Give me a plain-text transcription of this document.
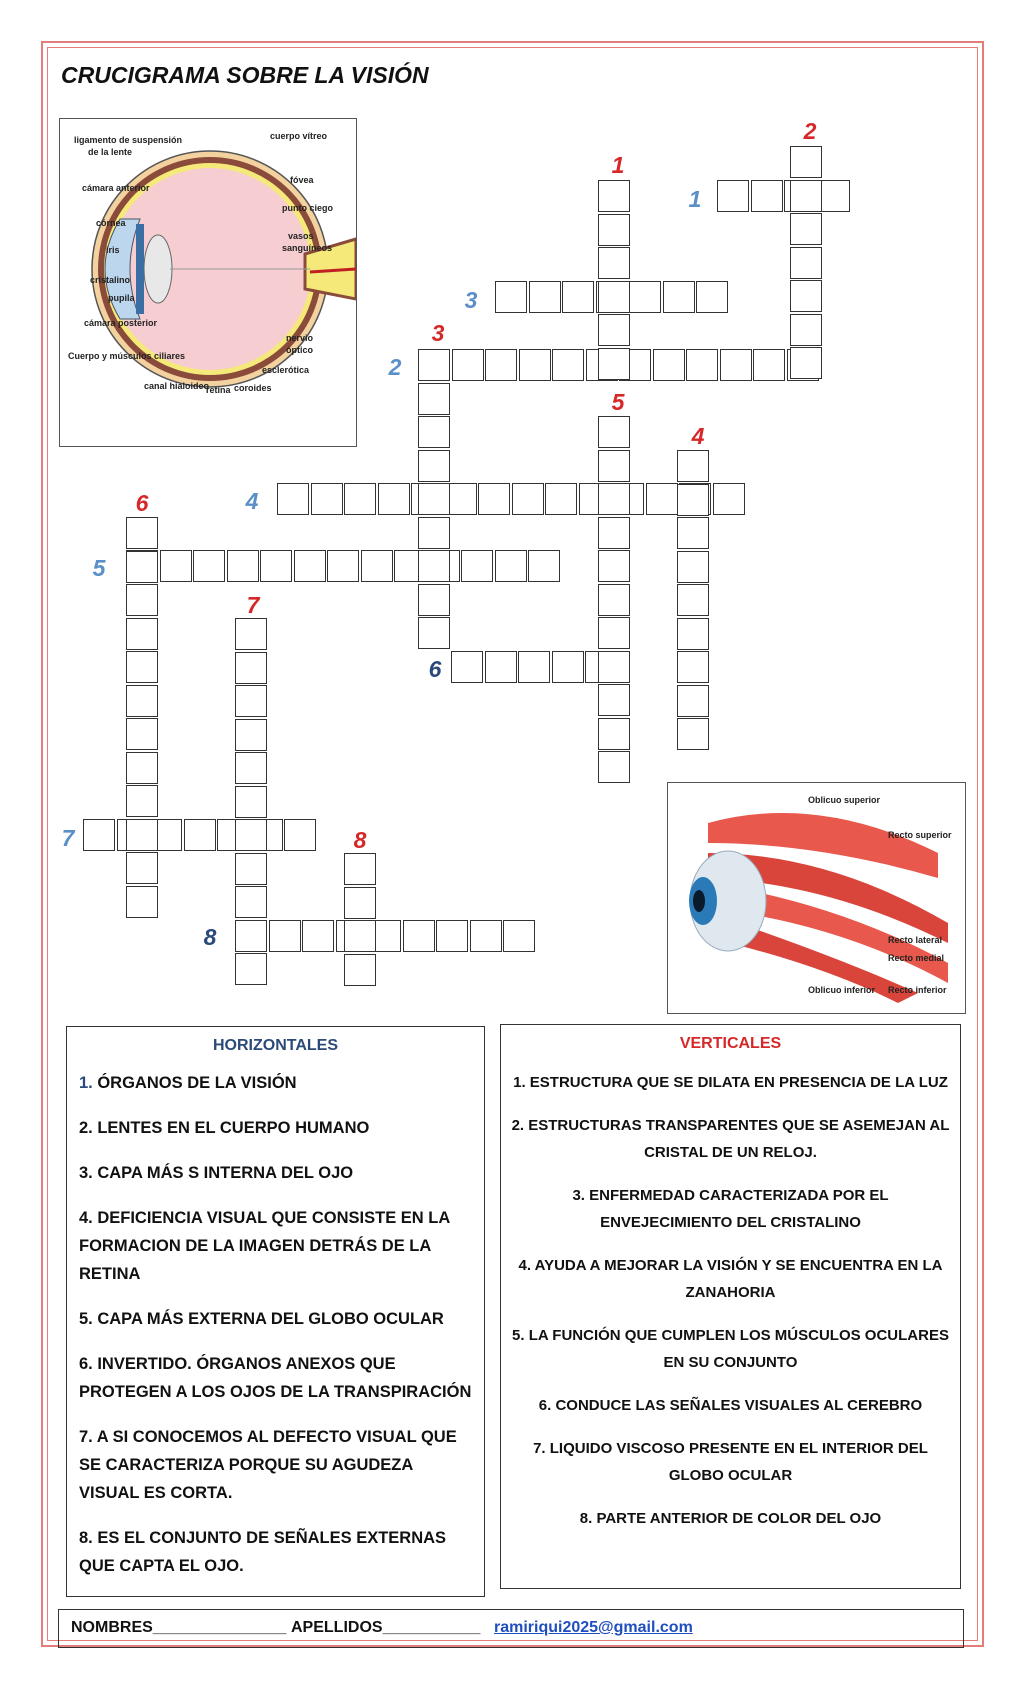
CRUCIGRAMA SOBRE LA VISIÓN
ligamento de suspensión
de la lente
cámara anterior
córnea
iris
cristalino
pupila
cámara posterior
Cuerpo y músculos ciliares
canal hialoideo
retina coroides
esclerótica
nervio
óptico
vasos
sanguíneos
punto ciego
fóvea
cuerpo vítreo
Oblicuo superior
Recto superior
Recto lateral
Recto medial
Oblicuo inferior Recto inferior
1
2
3
4
5
6
7
8
1
2
3
4
5
6
7
8
HORIZONTALES
1. ÓRGANOS DE LA VISIÓN
2. LENTES EN EL CUERPO HUMANO
3. CAPA MÁS S INTERNA DEL OJO
4. DEFICIENCIA VISUAL QUE CONSISTE EN LA FORMACION DE LA IMAGEN DETRÁS DE LA RETINA
5. CAPA MÁS EXTERNA DEL GLOBO OCULAR
6. INVERTIDO. ÓRGANOS ANEXOS QUE PROTEGEN A LOS OJOS DE LA TRANSPIRACIÓN
7. A SI CONOCEMOS AL DEFECTO VISUAL QUE SE CARACTERIZA PORQUE SU AGUDEZA VISUAL ES CORTA.
8. ES EL CONJUNTO DE SEÑALES EXTERNAS QUE CAPTA EL OJO.
VERTICALES
1. ESTRUCTURA QUE SE DILATA EN PRESENCIA DE LA LUZ
2. ESTRUCTURAS TRANSPARENTES QUE SE ASEMEJAN AL CRISTAL DE UN RELOJ.
3. ENFERMEDAD CARACTERIZADA POR EL ENVEJECIMIENTO DEL CRISTALINO
4. AYUDA A MEJORAR LA VISIÓN Y SE ENCUENTRA EN LA ZANAHORIA
5. LA FUNCIÓN QUE CUMPLEN LOS MÚSCULOS OCULARES EN SU CONJUNTO
6. CONDUCE LAS SEÑALES VISUALES AL CEREBRO
7. LIQUIDO VISCOSO PRESENTE EN EL INTERIOR DEL GLOBO OCULAR
8. PARTE ANTERIOR DE COLOR DEL OJO
NOMBRES_______________ APELLIDOS___________ ramiriqui2025@gmail.com
